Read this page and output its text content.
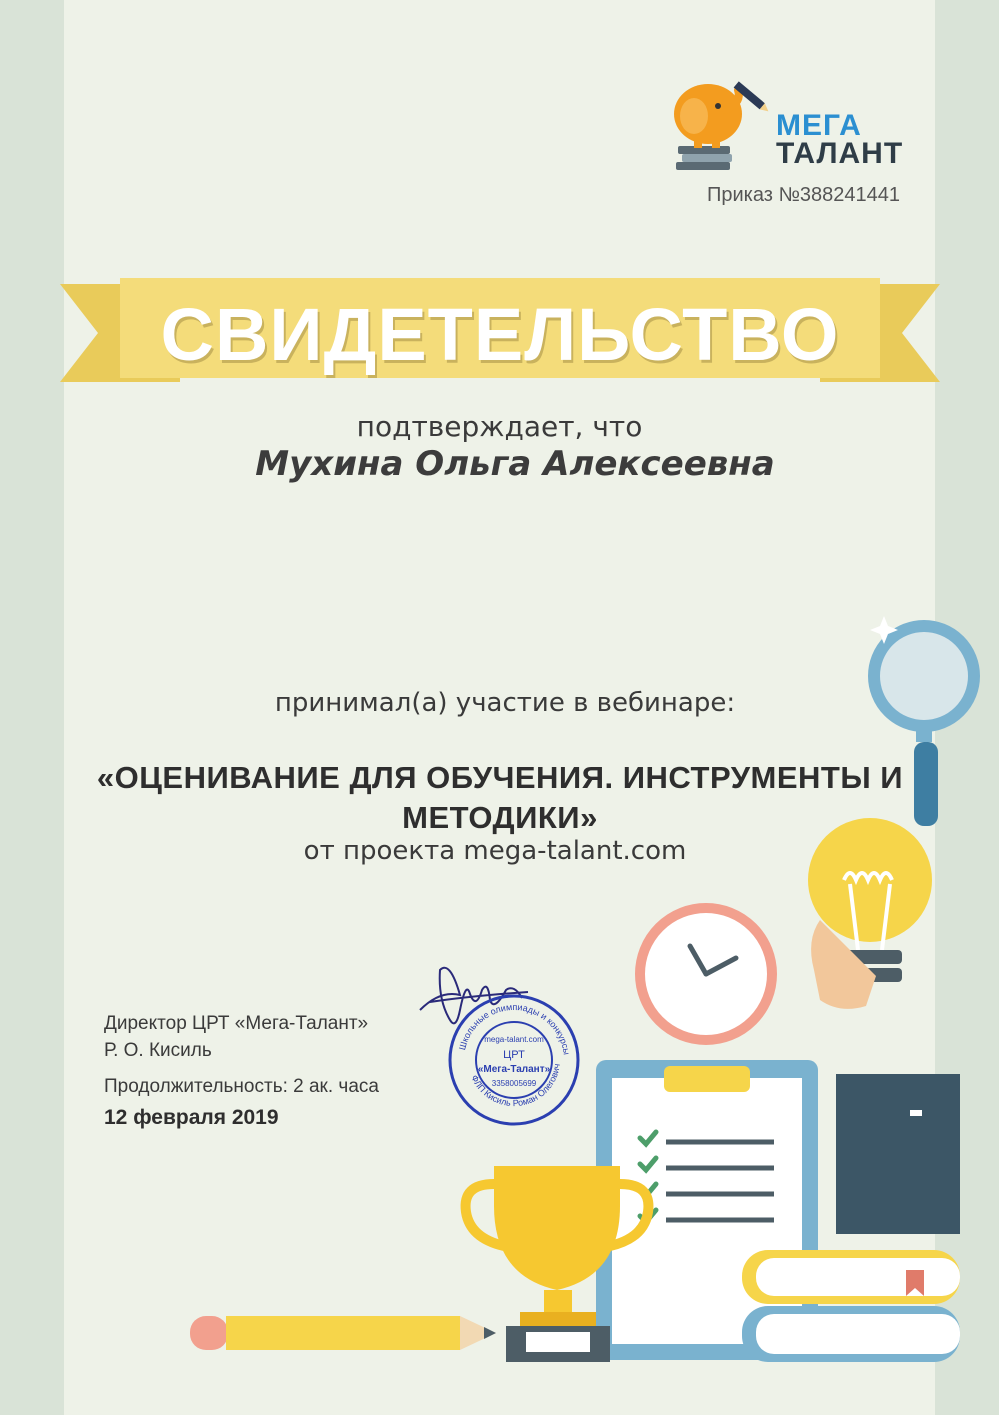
МЕГА
ТАЛАНТ
Приказ №388241441
СВИДЕТЕЛЬСТВО
подтверждает, что
Мухина Ольга Алексеевна
принимал(а) участие в вебинаре:
«ОЦЕНИВАНИЕ ДЛЯ ОБУЧЕНИЯ. ИНСТРУМЕНТЫ И МЕТОДИКИ»
от проекта mega-talant.com
Школьные олимпиады и конкурсы
ФЛП Кисиль Роман Олегович
mega-talant.com
ЦРТ
«Мега-Талант»
3358005699
Директор ЦРТ «Мега-Талант»
Р. О. Кисиль
Продолжительность: 2 ак. часа
12 февраля 2019
